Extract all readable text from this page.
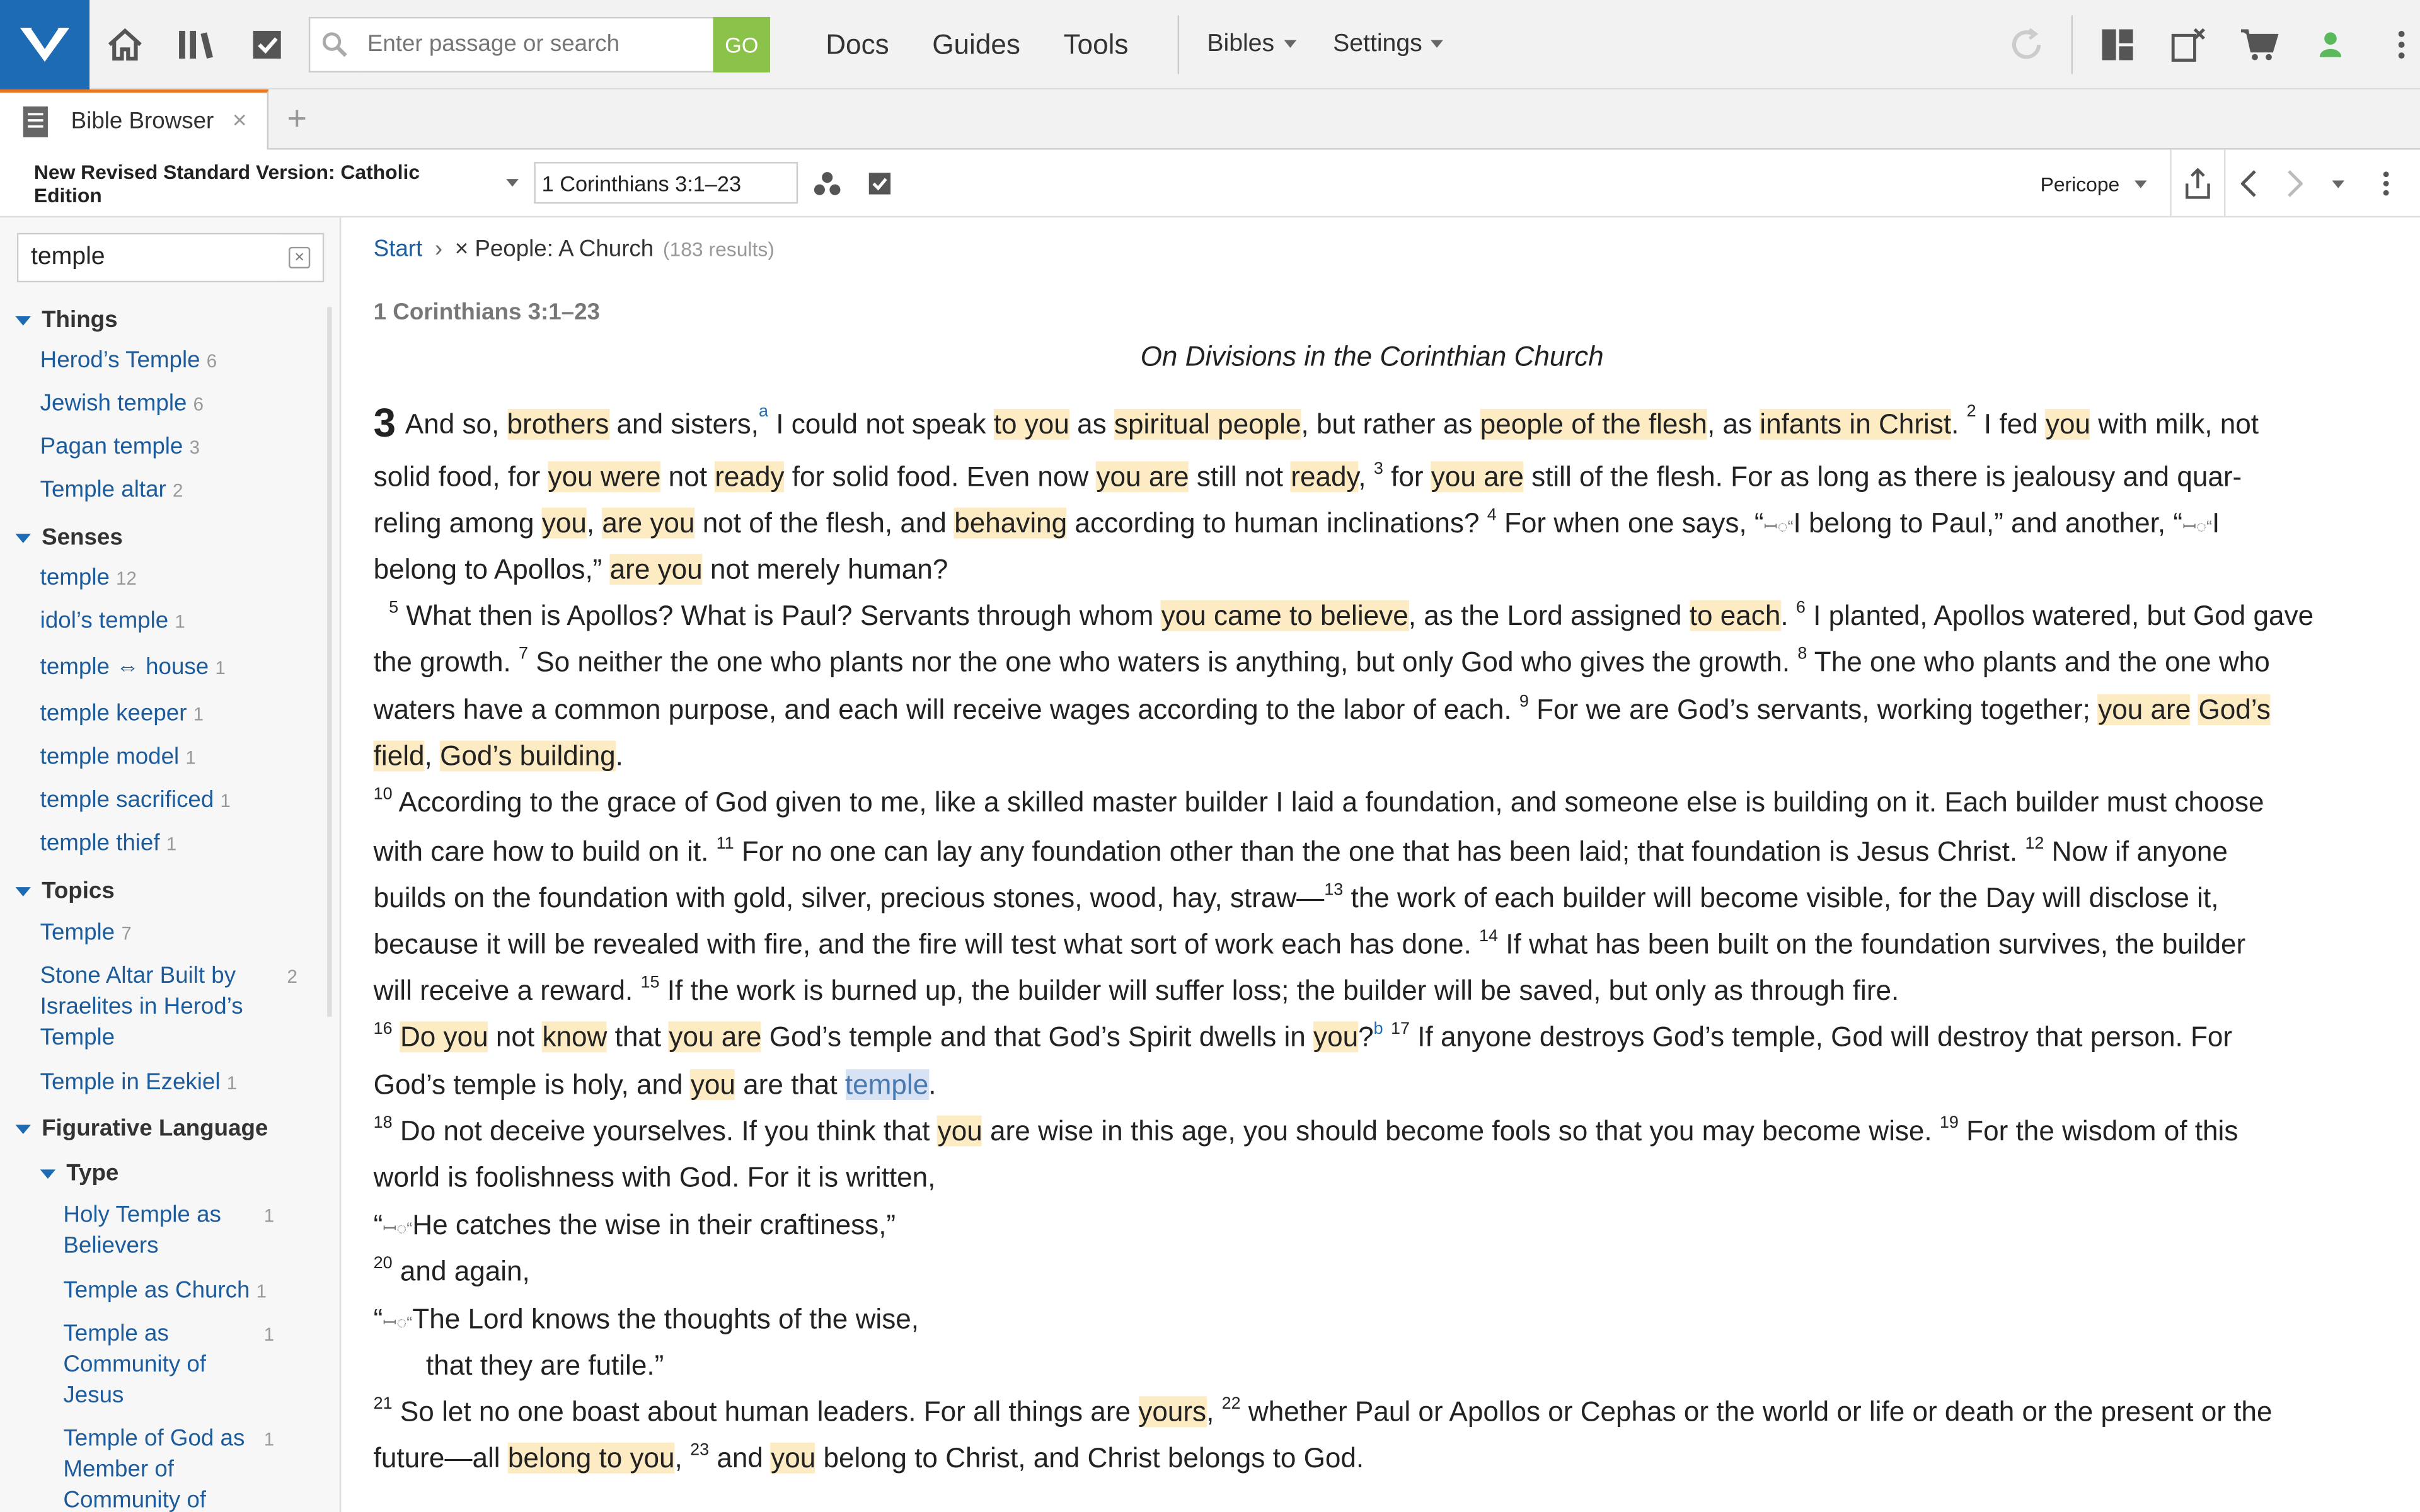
Enter passage or search
GO	Docs	Guides	Tools	Bibles	Settings
Bible Browser ×	+
New Revised Standard Version: Catholic Edition
1 Corinthians 3:1–23	Pericope
temple
×
Things
Herod’s Temple 6
Jewish temple 6
Pagan temple 3
Temple altar 2
Senses
temple 12
idol’s temple 1
temple ⇔ house 1
temple keeper 1
temple model 1
temple sacrificed 1
temple thief 1
Topics
Temple 7
Stone Altar Built by
Israelites in Herod’s
Temple
2
Temple in Ezekiel 1
Figurative Language
Type
Holy Temple as
Believers
1
Temple as Church 1
Temple as
Community of
Jesus
1
Temple of God as
Member of
Community of
1
Start › × People: A Church (183 results)
1 Corinthians 3:1–23
On Divisions in the Corinthian Church
3 And so, brothers and sisters,$^a$ I could not speak to you as spiritual people, but rather as people of the flesh, as infants in Christ. $^2$ I fed you with milk, not
solid food, for you were not ready for solid food. Even now you are still not ready, $^3$ for you are still of the flesh. For as long as there is jealousy and quar-
reling among you, are you not of the flesh, and behaving according to human inclinations? $^4$ For when one says, “ꟷ◌“I belong to Paul,” and another, “ꟷ◌“I
belong to Apollos,” are you not merely human?
$^5$ What then is Apollos? What is Paul? Servants through whom you came to believe, as the Lord assigned to each. $^6$ I planted, Apollos watered, but God gave
the growth. $^7$ So neither the one who plants nor the one who waters is anything, but only God who gives the growth. $^8$ The one who plants and the one who
waters have a common purpose, and each will receive wages according to the labor of each. $^9$ For we are God’s servants, working together; you are God’s
field, God’s building.
$^{10}$ According to the grace of God given to me, like a skilled master builder I laid a foundation, and someone else is building on it. Each builder must choose
with care how to build on it. $^{11}$ For no one can lay any foundation other than the one that has been laid; that foundation is Jesus Christ. $^{12}$ Now if anyone
builds on the foundation with gold, silver, precious stones, wood, hay, straw—$^{13}$ the work of each builder will become visible, for the Day will disclose it,
because it will be revealed with fire, and the fire will test what sort of work each has done. $^{14}$ If what has been built on the foundation survives, the builder
will receive a reward. $^{15}$ If the work is burned up, the builder will suffer loss; the builder will be saved, but only as through fire.
$^{16}$ Do you not know that you are God’s temple and that God’s Spirit dwells in you?$^b$ $^{17}$ If anyone destroys God’s temple, God will destroy that person. For
God’s temple is holy, and you are that temple.
$^{18}$ Do not deceive yourselves. If you think that you are wise in this age, you should become fools so that you may become wise. $^{19}$ For the wisdom of this
world is foolishness with God. For it is written,
“ꟷ◌“He catches the wise in their craftiness,”
$^{20}$ and again,
“ꟷ◌“The Lord knows the thoughts of the wise,
that they are futile.”
$^{21}$ So let no one boast about human leaders. For all things are yours, $^{22}$ whether Paul or Apollos or Cephas or the world or life or death or the present or the
future—all belong to you, $^{23}$ and you belong to Christ, and Christ belongs to God.
